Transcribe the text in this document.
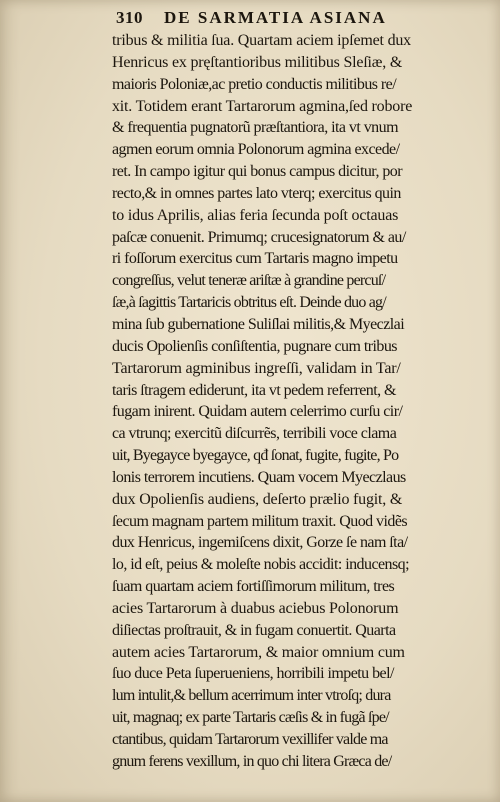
310	DE SARMATIA ASIANA
tribus & militia ſua. Quartam aciem ipſemet dux
Henricus ex pręſtantioribus militibus Sleſiæ, &
maioris Poloniæ,ac pretio conductis militibus re/
xit. Totidem erant Tartarorum agmina,ſed robore
& frequentia pugnatorũ præſtantiora, ita vt vnum
agmen eorum omnia Polonorum agmina excede/
ret. In campo igitur qui bonus campus dicitur, por
recto,& in omnes partes lato vterq; exercitus quin
to idus Aprilis, alias feria ſecunda poſt octauas
paſcæ conuenit. Primumq; crucesignatorum & au/
ri foſſorum exercitus cum Tartaris magno impetu
congreſſus, velut teneræ ariſtæ à grandine percuſ/
ſæ,à ſagittis Tartaricis obtritus eſt. Deinde duo ag/
mina ſub gubernatione Suliſlai militis,& Myeczlai
ducis Opolienſis conſiſtentia, pugnare cum tribus
Tartarorum agminibus ingreſſi, validam in Tar/
taris ſtragem ediderunt, ita vt pedem referrent, &
fugam inirent. Quidam autem celerrimo curſu cir/
ca vtrunq; exercitũ diſcurrẽs, terribili voce clama
uit, Byegayce byegayce, qđ ſonat, fugite, fugite, Po
lonis terrorem incutiens. Quam vocem Myeczlaus
dux Opolienſis audiens, deſerto prælio fugit, &
ſecum magnam partem militum traxit. Quod vidẽs
dux Henricus, ingemiſcens dixit, Gorze ſe nam ſta/
lo, id eſt, peius & moleſte nobis accidit: inducensq;
ſuam quartam aciem fortiſſimorum militum, tres
acies Tartarorum à duabus aciebus Polonorum
diſiectas proſtrauit, & in fugam conuertit. Quarta
autem acies Tartarorum, & maior omnium cum
ſuo duce Peta ſuperueniens, horribili impetu bel/
lum intulit,& bellum acerrimum inter vtroſq; dura
uit, magnaq; ex parte Tartaris cæſis & in fugã ſpe/
ctantibus, quidam Tartarorum vexillifer valde ma
gnum ferens vexillum, in quo chi litera Græca de/
